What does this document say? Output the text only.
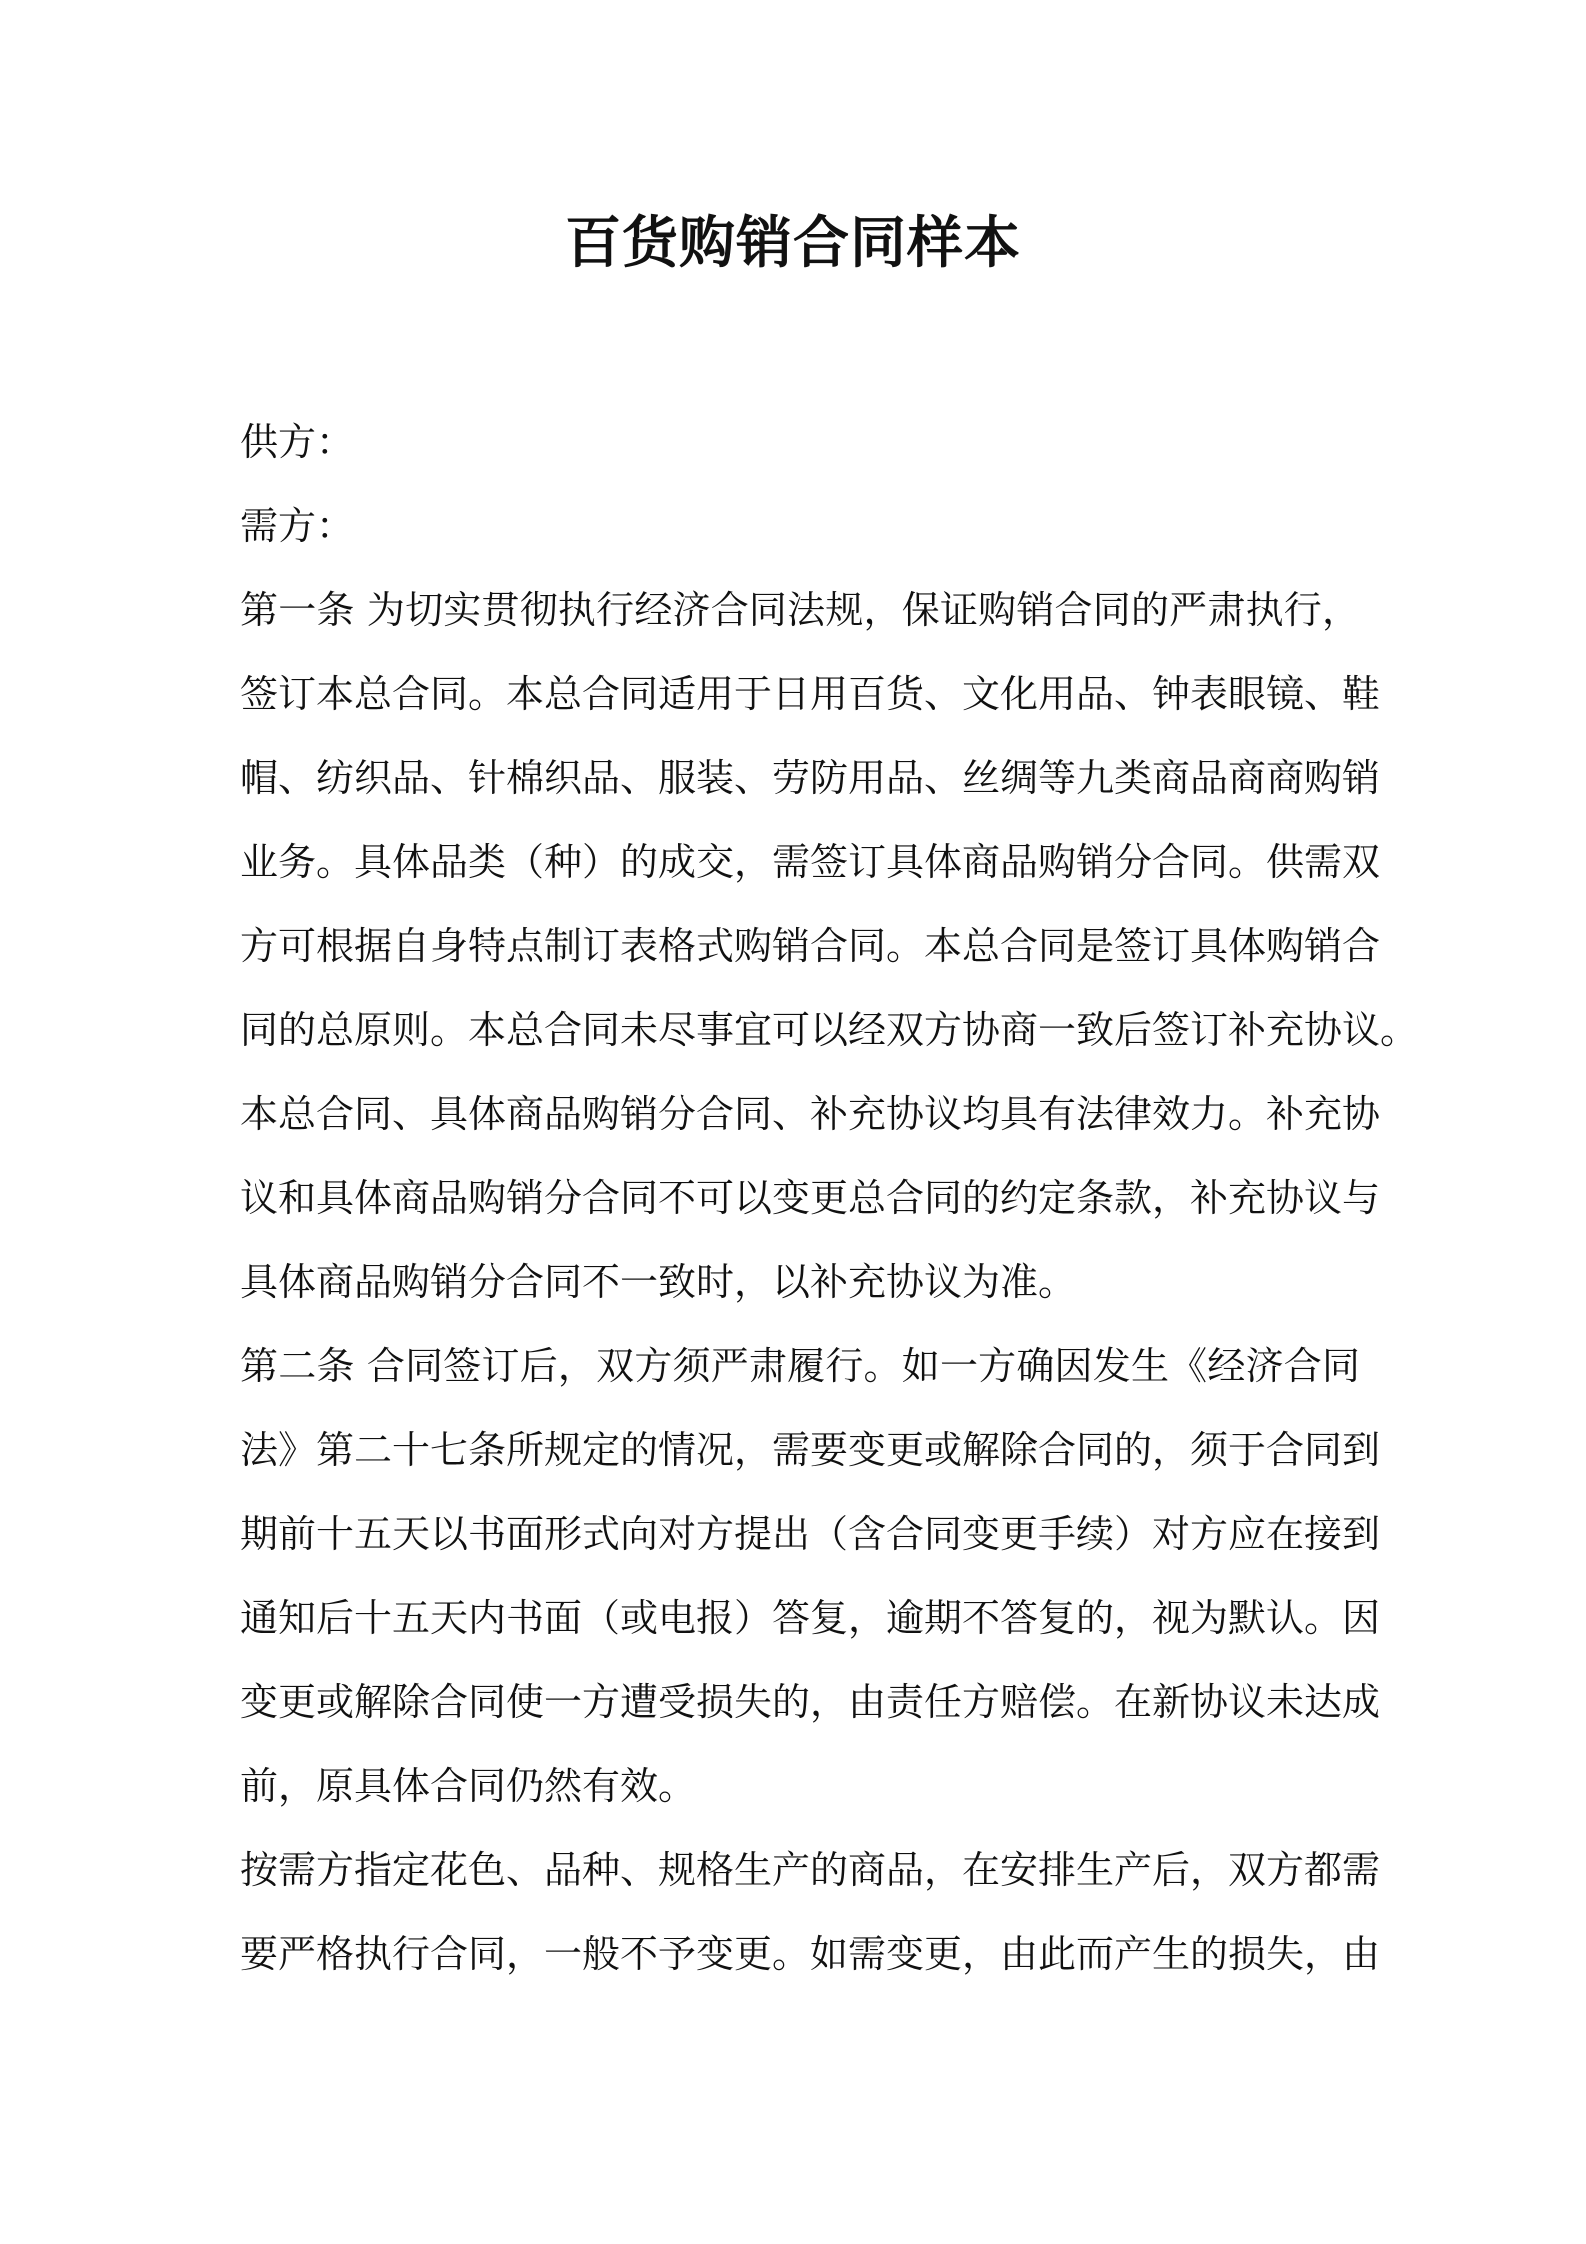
百货购销合同样本
供方：
需方：
第一条 为切实贯彻执行经济合同法规，保证购销合同的严肃执行，
签订本总合同。本总合同适用于日用百货、文化用品、钟表眼镜、鞋
帽、纺织品、针棉织品、服装、劳防用品、丝绸等九类商品商商购销
业务。具体品类（种）的成交，需签订具体商品购销分合同。供需双
方可根据自身特点制订表格式购销合同。本总合同是签订具体购销合
同的总原则。本总合同未尽事宜可以经双方协商一致后签订补充协议。
本总合同、具体商品购销分合同、补充协议均具有法律效力。补充协
议和具体商品购销分合同不可以变更总合同的约定条款，补充协议与
具体商品购销分合同不一致时，以补充协议为准。
第二条 合同签订后，双方须严肃履行。如一方确因发生《经济合同
法》第二十七条所规定的情况，需要变更或解除合同的，须于合同到
期前十五天以书面形式向对方提出（含合同变更手续）对方应在接到
通知后十五天内书面（或电报）答复，逾期不答复的，视为默认。因
变更或解除合同使一方遭受损失的，由责任方赔偿。在新协议未达成
前，原具体合同仍然有效。
按需方指定花色、品种、规格生产的商品，在安排生产后，双方都需
要严格执行合同，一般不予变更。如需变更，由此而产生的损失，由
